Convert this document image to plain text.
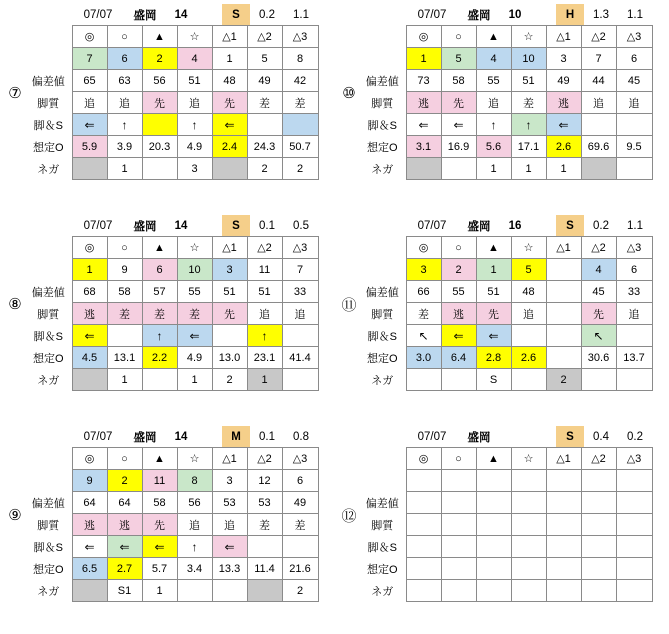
⑦
	07/07	盛岡	14		S	0.2	1.1
	◎	○	▲	☆	△1	△2	△3
	7	6	2	4	1	5	8
偏差値	65	63	56	51	48	49	42
脚質	追	追	先	追	先	差	差
脚＆S	⇐	↑		↑	⇐		
想定O	5.9	3.9	20.3	4.9	2.4	24.3	50.7
ネガ		1		3		2	2
⑩
	07/07	盛岡	10		H	1.3	1.1
	◎	○	▲	☆	△1	△2	△3
	1	5	4	10	3	7	6
偏差値	73	58	55	51	49	44	45
脚質	逃	先	追	差	逃	追	追
脚＆S	⇐	⇐	↑	↑	⇐		
想定O	3.1	16.9	5.6	17.1	2.6	69.6	9.5
ネガ			1	1	1		
⑧
	07/07	盛岡	14		S	0.1	0.5
	◎	○	▲	☆	△1	△2	△3
	1	9	6	10	3	11	7
偏差値	68	58	57	55	51	51	33
脚質	逃	差	差	差	先	追	追
脚＆S	⇐		↑	⇐		↑	
想定O	4.5	13.1	2.2	4.9	13.0	23.1	41.4
ネガ		1		1	2	1	
⑪
	07/07	盛岡	16		S	0.2	1.1
	◎	○	▲	☆	△1	△2	△3
	3	2	1	5		4	6
偏差値	66	55	51	48		45	33
脚質	差	逃	先	追		先	追
脚＆S	↖	⇐	⇐			↖	
想定O	3.0	6.4	2.8	2.6		30.6	13.7
ネガ			S		2		
⑨
	07/07	盛岡	14		M	0.1	0.8
	◎	○	▲	☆	△1	△2	△3
	9	2	11	8	3	12	6
偏差値	64	64	58	56	53	53	49
脚質	逃	逃	先	追	追	差	差
脚＆S	⇐	⇐	⇐	↑	⇐		
想定O	6.5	2.7	5.7	3.4	13.3	11.4	21.6
ネガ		S1	1				2
⑫
	07/07	盛岡			S	0.4	0.2
	◎	○	▲	☆	△1	△2	△3

偏差値							
脚質							
脚＆S							
想定O							
ネガ							
